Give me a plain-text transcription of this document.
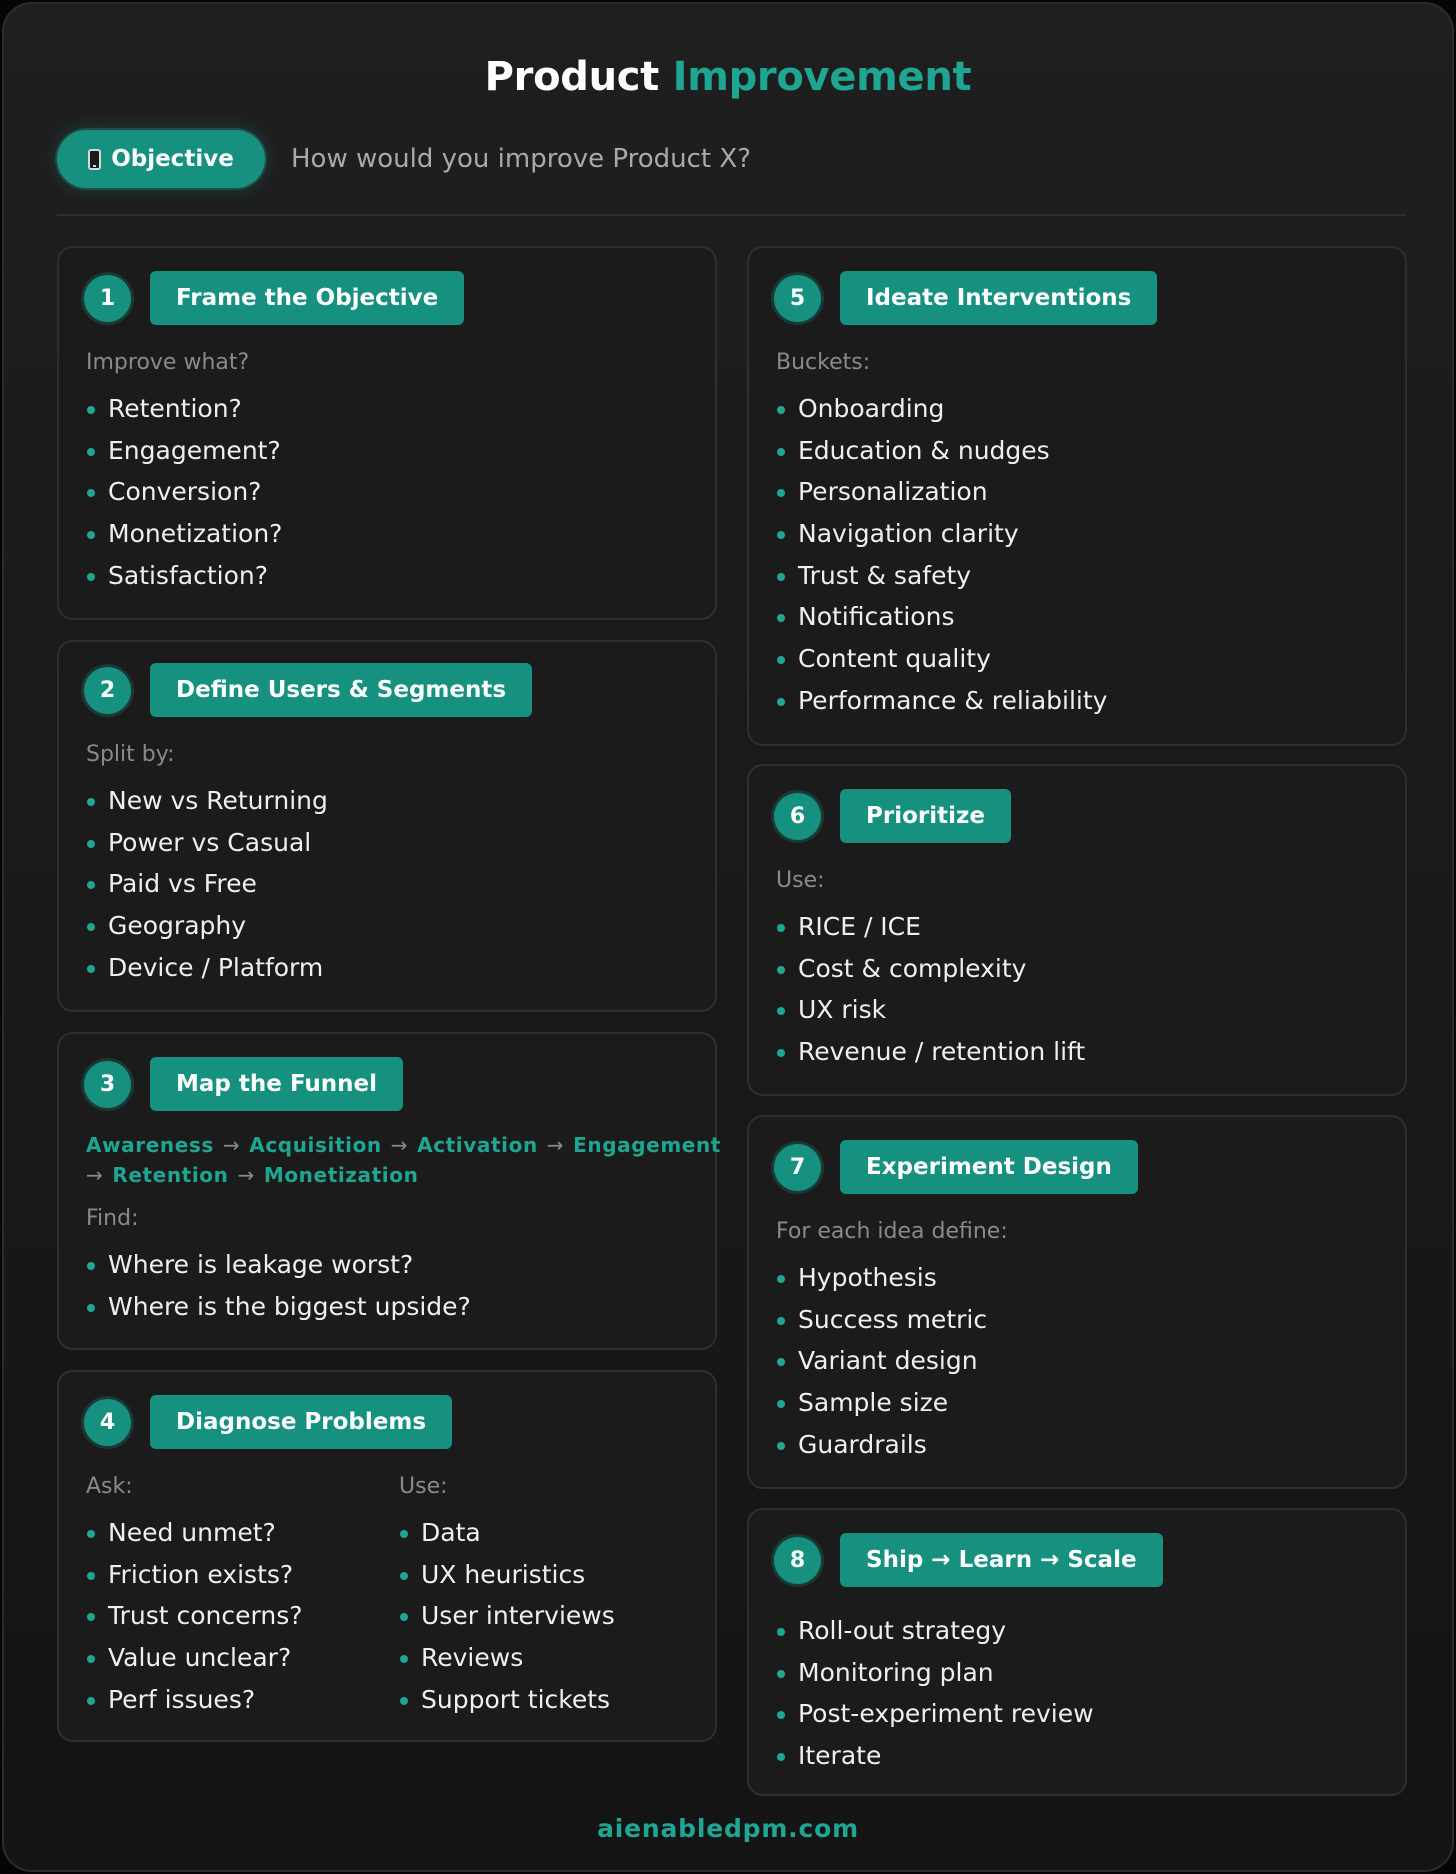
Product Improvement
Objective How would you improve Product X?
1	Frame the Objective
Improve what?
Retention?
Engagement?
Conversion?
Monetization?
Satisfaction?
2	Define Users & Segments
Split by:
New vs Returning
Power vs Casual
Paid vs Free
Geography
Device / Platform
3	Map the Funnel
Awareness → Acquisition → Activation → Engagement
→ Retention → Monetization
Find:
Where is leakage worst?
Where is the biggest upside?
4	Diagnose Problems
Ask:	Use:
Need unmet?
Friction exists?
Trust concerns?
Value unclear?
Perf issues?
Data
UX heuristics
User interviews
Reviews
Support tickets
5	Ideate Interventions
Buckets:
Onboarding
Education & nudges
Personalization
Navigation clarity
Trust & safety
Notifications
Content quality
Performance & reliability
6	Prioritize
Use:
RICE / ICE
Cost & complexity
UX risk
Revenue / retention lift
7	Experiment Design
For each idea define:
Hypothesis
Success metric
Variant design
Sample size
Guardrails
8	Ship → Learn → Scale
Roll-out strategy
Monitoring plan
Post-experiment review
Iterate
aienabledpm.com
